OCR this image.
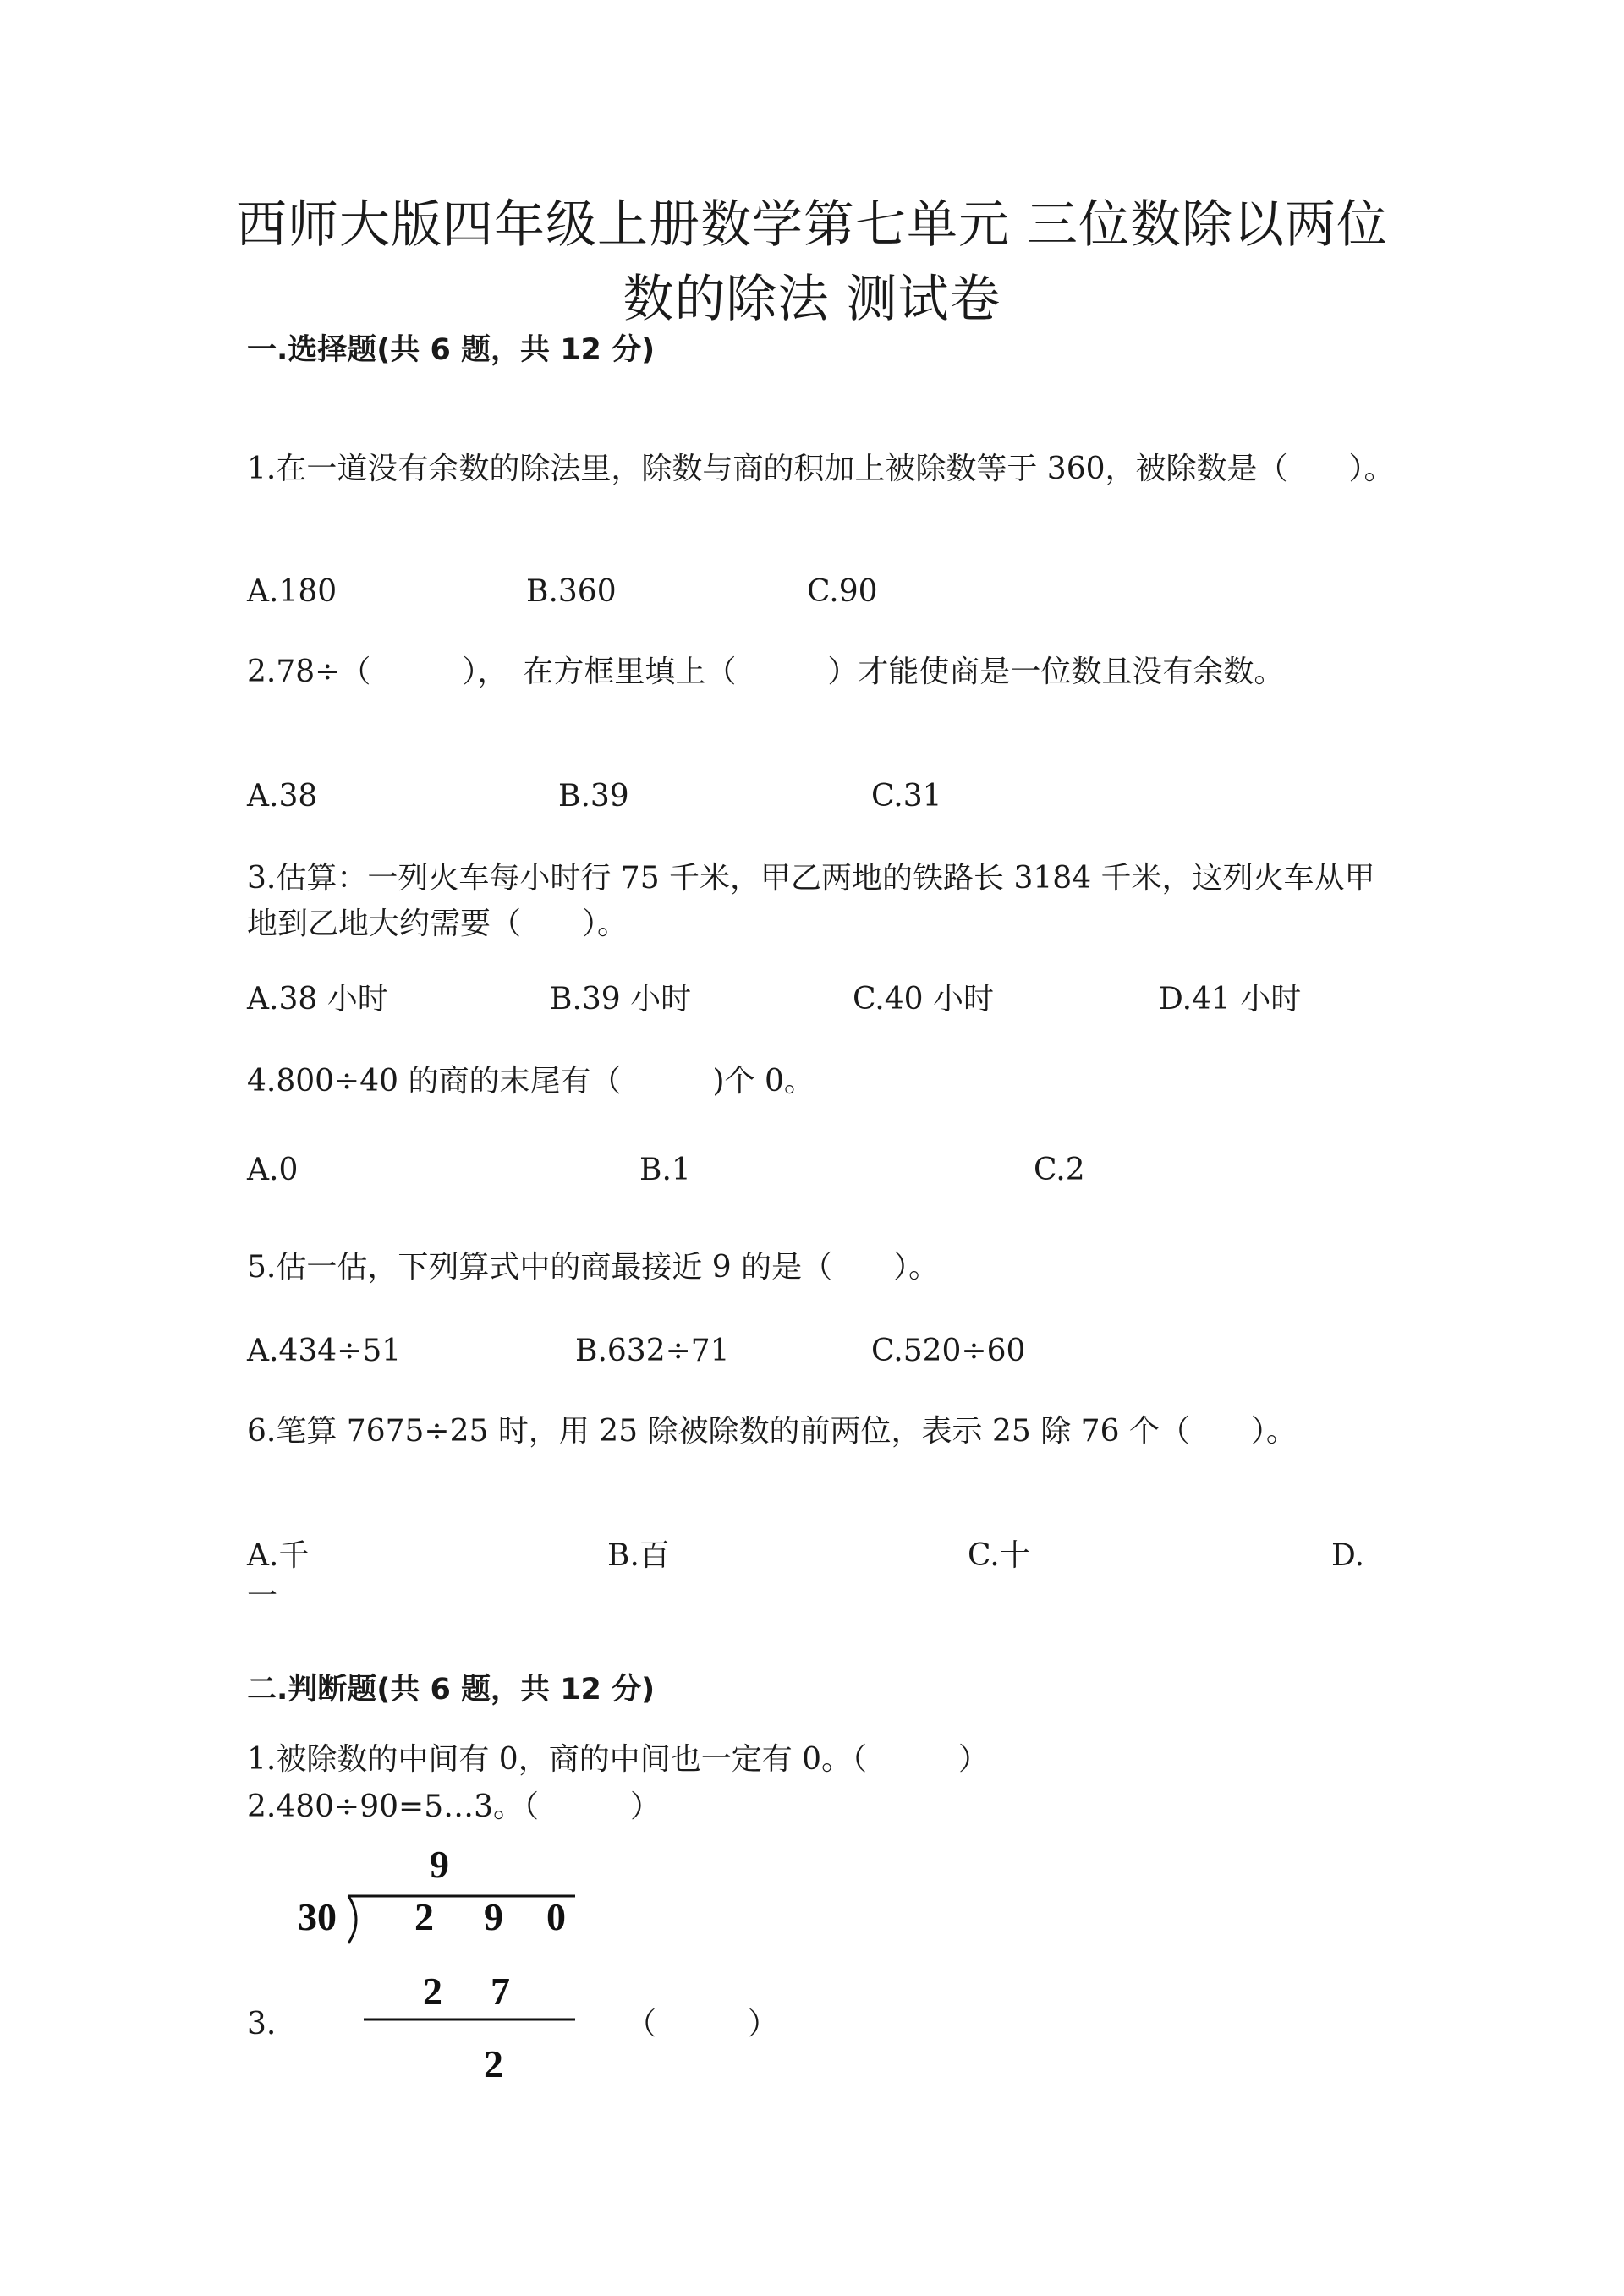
西师大版四年级上册数学第七单元 三位数除以两位
数的除法 测试卷
一.选择题(共 6 题，共 12 分)
1.在一道没有余数的除法里，除数与商的积加上被除数等于 360，被除数是（　　）。
A.180	B.360	C.90
2.78÷（　　　），　在方框里填上（　　　）才能使商是一位数且没有余数。
A.38	B.39	C.31
3.估算：一列火车每小时行 75 千米，甲乙两地的铁路长 3184 千米，这列火车从甲地到乙地大约需要（　　）。
A.38 小时	B.39 小时	C.40 小时	D.41 小时
4.800÷40 的商的末尾有（　　　)个 0。
A.0	B.1	C.2
5.估一估，下列算式中的商最接近 9 的是（　　）。
A.434÷51	B.632÷71	C.520÷60
6.笔算 7675÷25 时，用 25 除被除数的前两位，表示 25 除 76 个（　　）。
A.千	B.百	C.十	D.
一
二.判断题(共 6 题，共 12 分)
1.被除数的中间有 0，商的中间也一定有 0。（　　　）
2.480÷90=5…3。（　　　）
3.	（　　　）
9
30 2 9 0
2 7
2
